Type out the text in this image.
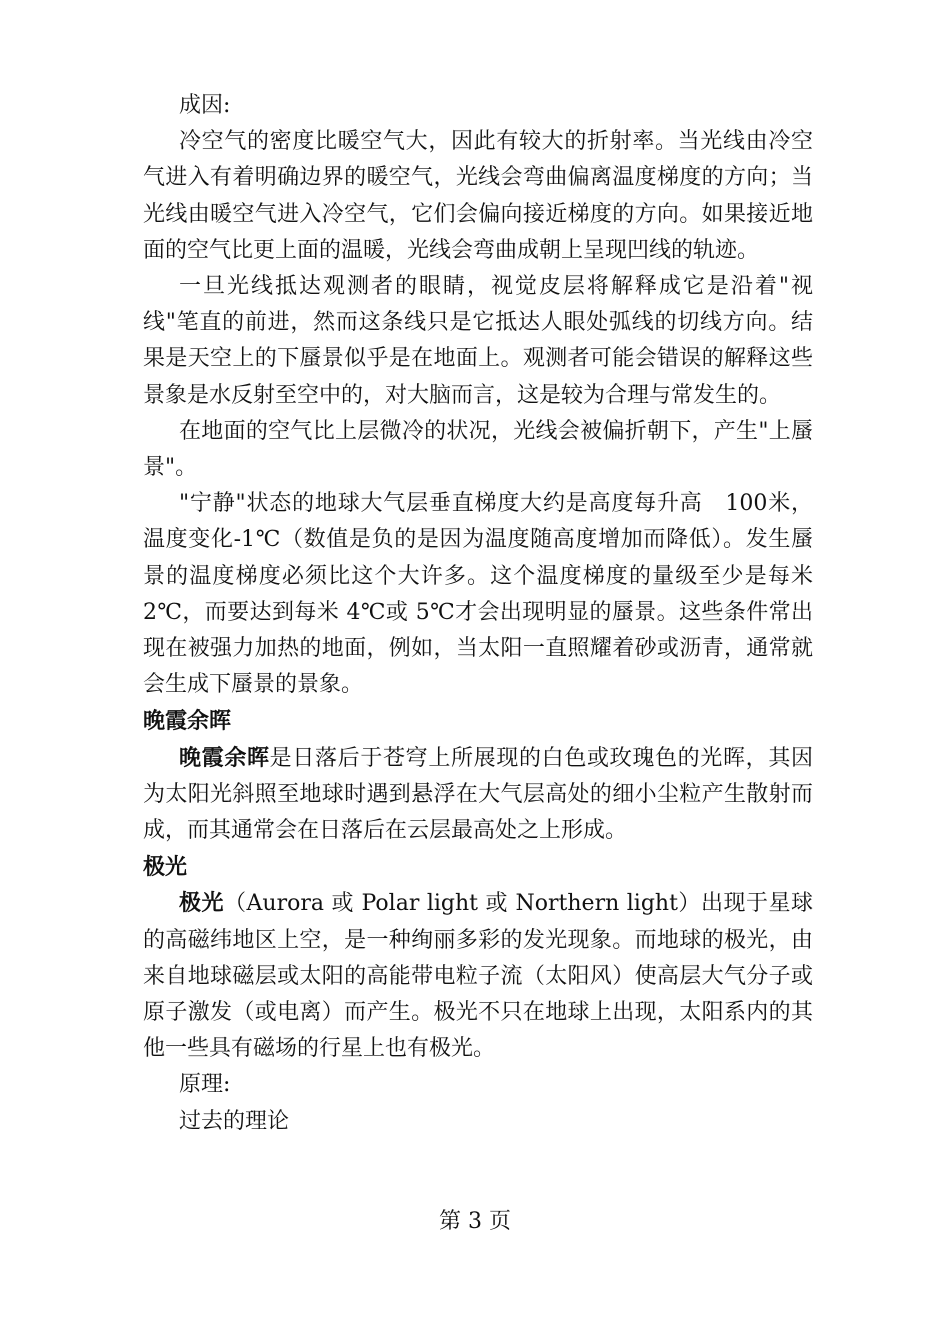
成因:

冷空气的密度比暖空气大，因此有较大的折射率。当光线由冷空气进入有着明确边界的暖空气，光线会弯曲偏离温度梯度的方向；当光线由暖空气进入冷空气，它们会偏向接近梯度的方向。如果接近地面的空气比更上面的温暖，光线会弯曲成朝上呈现凹线的轨迹。

一旦光线抵达观测者的眼睛，视觉皮层将解释成它是沿着"视线"笔直的前进，然而这条线只是它抵达人眼处弧线的切线方向。结果是天空上的下蜃景似乎是在地面上。观测者可能会错误的解释这些景象是水反射至空中的，对大脑而言，这是较为合理与常发生的。

在地面的空气比上层微冷的状况，光线会被偏折朝下，产生"上蜃景"。

"宁静"状态的地球大气层垂直梯度大约是高度每升高　100米，温度变化-1℃（数值是负的是因为温度随高度增加而降低）。发生蜃景的温度梯度必须比这个大许多。这个温度梯度的量级至少是每米 2℃，而要达到每米 4℃或 5℃才会出现明显的蜃景。这些条件常出现在被强力加热的地面，例如，当太阳一直照耀着砂或沥青，通常就会生成下蜃景的景象。

晚霞余晖

晚霞余晖是日落后于苍穹上所展现的白色或玫瑰色的光晖，其因为太阳光斜照至地球时遇到悬浮在大气层高处的细小尘粒产生散射而成，而其通常会在日落后在云层最高处之上形成。

极光

极光（Aurora 或 Polar light 或 Northern light）出现于星球的高磁纬地区上空，是一种绚丽多彩的发光现象。而地球的极光，由来自地球磁层或太阳的高能带电粒子流（太阳风）使高层大气分子或原子激发（或电离）而产生。极光不只在地球上出现，太阳系内的其他一些具有磁场的行星上也有极光。

原理:

过去的理论

第 3 页
